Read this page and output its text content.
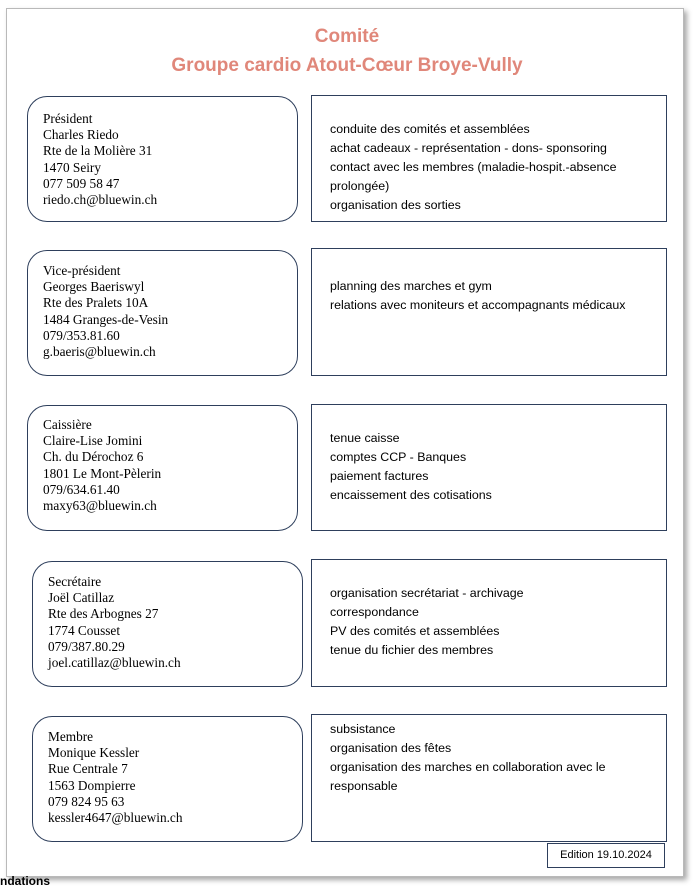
Comité
Groupe cardio Atout-Cœur Broye-Vully
Président
Charles Riedo
Rte de la Molière 31
1470 Seiry
077 509 58 47
riedo.ch@bluewin.ch
conduite des comités et assemblées
achat cadeaux - représentation - dons- sponsoring
contact avec les membres (maladie-hospit.-absence prolongée)
organisation des sorties
Vice-président
Georges Baeriswyl
Rte des Pralets 10A
1484 Granges-de-Vesin
079/353.81.60
g.baeris@bluewin.ch
planning des marches et gym
relations avec moniteurs et accompagnants médicaux
Caissière
Claire-Lise Jomini
Ch. du Dérochoz 6
1801 Le Mont-Pèlerin
079/634.61.40
maxy63@bluewin.ch
tenue caisse
comptes CCP - Banques
paiement factures
encaissement des cotisations
Secrétaire
Joël Catillaz
Rte des Arbognes 27
1774 Cousset
079/387.80.29
joel.catillaz@bluewin.ch
organisation secrétariat - archivage
correspondance
PV des comités et assemblées
tenue du fichier des membres
Membre
Monique Kessler
Rue Centrale 7
1563 Dompierre
079 824 95 63
kessler4647@bluewin.ch
subsistance
organisation des fêtes
organisation des marches en collaboration avec le responsable
Edition 19.10.2024
ndations
